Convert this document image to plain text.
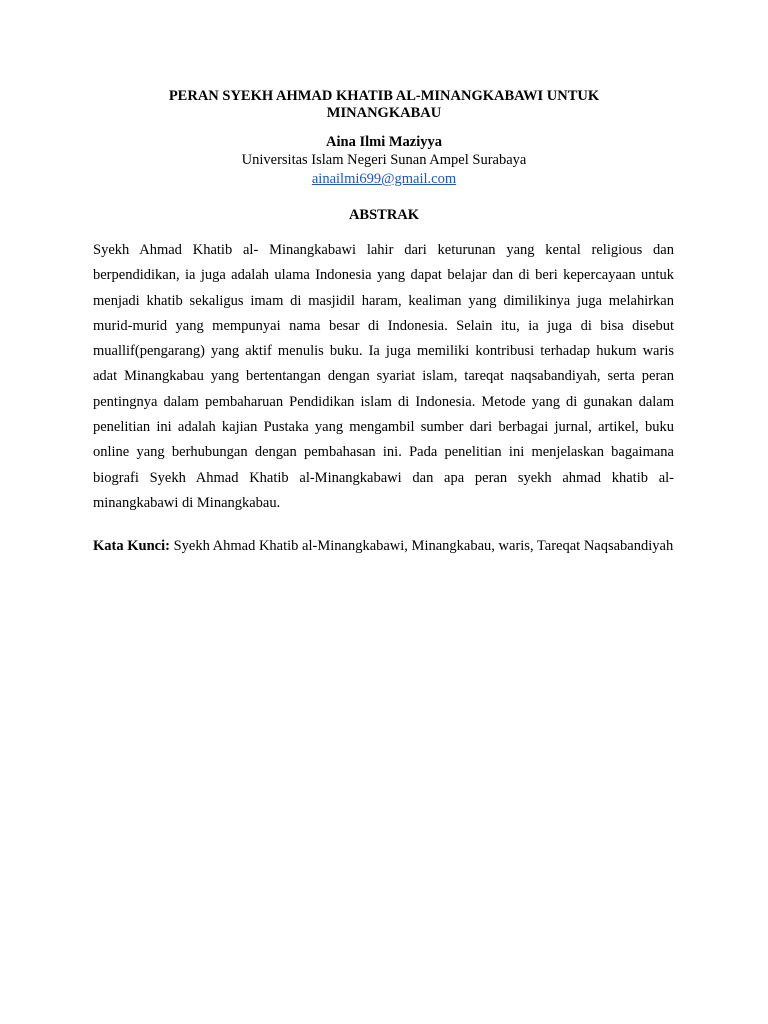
PERAN SYEKH AHMAD KHATIB AL-MINANGKABAWI UNTUK MINANGKABAU
Aina Ilmi Maziyya
Universitas Islam Negeri Sunan Ampel Surabaya
ainailmi699@gmail.com
ABSTRAK

Syekh Ahmad Khatib al- Minangkabawi lahir dari keturunan yang kental religious dan berpendidikan, ia juga adalah ulama Indonesia yang dapat belajar dan di beri kepercayaan untuk menjadi khatib sekaligus imam di masjidil haram, kealiman yang dimilikinya juga melahirkan murid-murid yang mempunyai nama besar di Indonesia. Selain itu, ia juga di bisa disebut muallif(pengarang) yang aktif menulis buku. Ia juga memiliki kontribusi terhadap hukum waris adat Minangkabau yang bertentangan dengan syariat islam, tareqat naqsabandiyah, serta peran pentingnya dalam pembaharuan Pendidikan islam di Indonesia. Metode yang di gunakan dalam penelitian ini adalah kajian Pustaka yang mengambil sumber dari berbagai jurnal, artikel, buku online yang berhubungan dengan pembahasan ini. Pada penelitian ini menjelaskan bagaimana biografi Syekh Ahmad Khatib al-Minangkabawi dan apa peran syekh ahmad khatib al-minangkabawi di Minangkabau.

Kata Kunci: Syekh Ahmad Khatib al-Minangkabawi, Minangkabau, waris, Tareqat Naqsabandiyah
